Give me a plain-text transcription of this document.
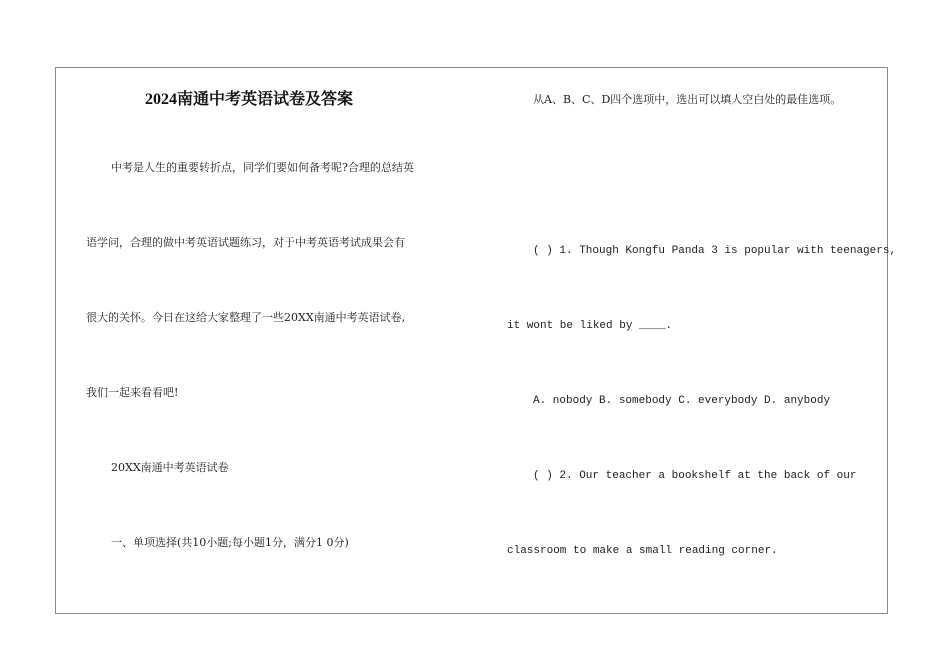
2024南通中考英语试卷及答案
中考是人生的重要转折点，同学们要如何备考呢?合理的总结英
语学问，合理的做中考英语试题练习，对于中考英语考试成果会有
很大的关怀。今日在这给大家整理了一些20XX南通中考英语试卷,
我们一起来看看吧!
20XX南通中考英语试卷
一、单项选择(共10小题;每小题1分，满分1 0分)
从A、B、C、D四个选项中，选出可以填人空白处的最佳选项。
( ) 1. Though Kongfu Panda 3 is popular with teenagers,
it wont be liked by ____.
A. nobody B. somebody C. everybody D. anybody
( ) 2. Our teacher a bookshelf at the back of our
classroom to make a small reading corner.
